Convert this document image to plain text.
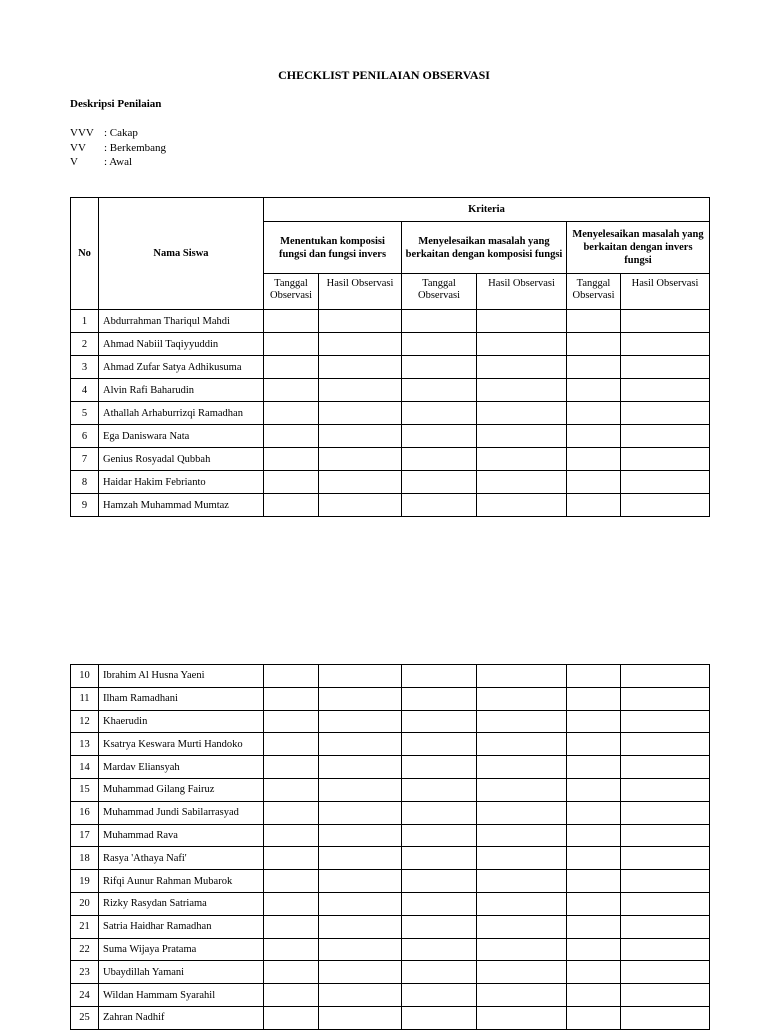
CHECKLIST PENILAIAN OBSERVASI
Deskripsi Penilaian
VVV : Cakap
VV	: Berkembang
V	: Awal
No	Nama Siswa	Kriteria					
		Menentukan komposisi fungsi dan fungsi invers		Menyelesaikan masalah yang berkaitan dengan komposisi fungsi		Menyelesaikan masalah yang berkaitan dengan invers fungsi	
		Tanggal Observasi	Hasil Observasi	Tanggal Observasi	Hasil Observasi	Tanggal Observasi	Hasil Observasi
1	Abdurrahman Thariqul Mahdi						
2	Ahmad Nabiil Taqiyyuddin						
3	Ahmad Zufar Satya Adhikusuma						
4	Alvin Rafi Baharudin						
5	Athallah Arhaburrizqi Ramadhan						
6	Ega Daniswara Nata						
7	Genius Rosyadal Qubbah						
8	Haidar Hakim Febrianto						
9	Hamzah Muhammad Mumtaz						
10	Ibrahim Al Husna Yaeni						
11	Ilham Ramadhani						
12	Khaerudin						
13	Ksatrya Keswara Murti Handoko						
14	Mardav Eliansyah						
15	Muhammad Gilang Fairuz						
16	Muhammad Jundi Sabilarrasyad						
17	Muhammad Rava						
18	Rasya 'Athaya Nafi'						
19	Rifqi Aunur Rahman Mubarok						
20	Rizky Rasydan Satriama						
21	Satria Haidhar Ramadhan						
22	Suma Wijaya Pratama						
23	Ubaydillah Yamani						
24	Wildan Hammam Syarahil						
25	Zahran Nadhif						
